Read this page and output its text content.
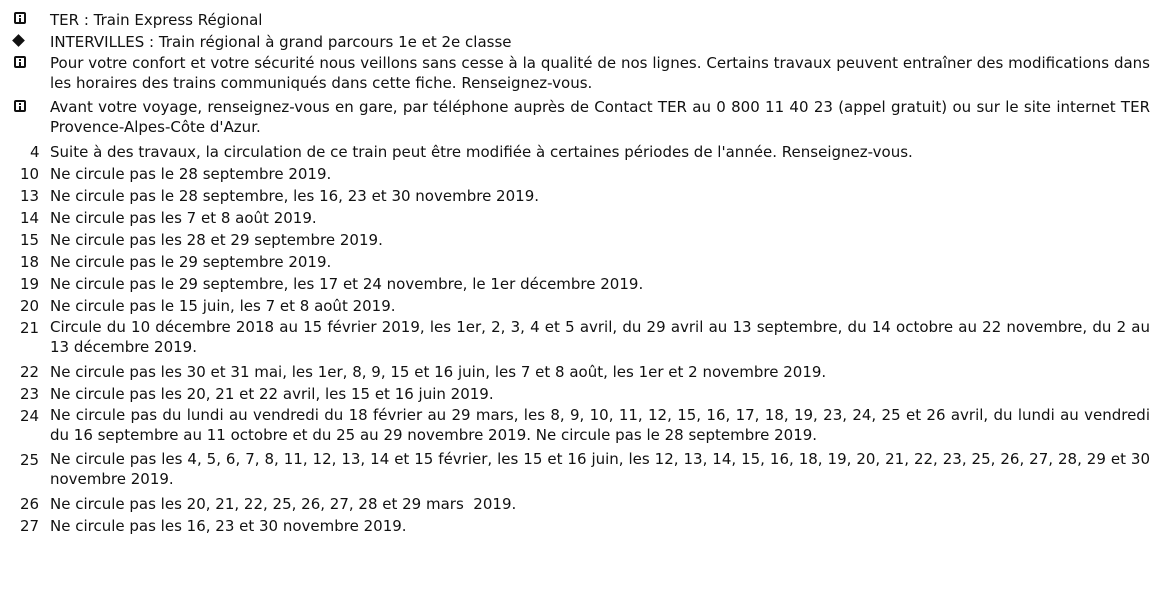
TER : Train Express Régional
INTERVILLES : Train régional à grand parcours 1e et 2e classe
Pour votre confort et votre sécurité nous veillons sans cesse à la qualité de nos lignes. Certains travaux peuvent entraîner des modifications dans les horaires des trains communiqués dans cette fiche. Renseignez-vous.
Avant votre voyage, renseignez-vous en gare, par téléphone auprès de Contact TER au 0 800 11 40 23 (appel gratuit) ou sur le site internet TER Provence-Alpes-Côte d'Azur.
4 Suite à des travaux, la circulation de ce train peut être modifiée à certaines périodes de l'année. Renseignez-vous.
10 Ne circule pas le 28 septembre 2019.
13 Ne circule pas le 28 septembre, les 16, 23 et 30 novembre 2019.
14 Ne circule pas les 7 et 8 août 2019.
15 Ne circule pas les 28 et 29 septembre 2019.
18 Ne circule pas le 29 septembre 2019.
19 Ne circule pas le 29 septembre, les 17 et 24 novembre, le 1er décembre 2019.
20 Ne circule pas le 15 juin, les 7 et 8 août 2019.
21 Circule du 10 décembre 2018 au 15 février 2019, les 1er, 2, 3, 4 et 5 avril, du 29 avril au 13 septembre, du 14 octobre au 22 novembre, du 2 au 13 décembre 2019.
22 Ne circule pas les 30 et 31 mai, les 1er, 8, 9, 15 et 16 juin, les 7 et 8 août, les 1er et 2 novembre 2019.
23 Ne circule pas les 20, 21 et 22 avril, les 15 et 16 juin 2019.
24 Ne circule pas du lundi au vendredi du 18 février au 29 mars, les 8, 9, 10, 11, 12, 15, 16, 17, 18, 19, 23, 24, 25 et 26 avril, du lundi au vendredi du 16 septembre au 11 octobre et du 25 au 29 novembre 2019. Ne circule pas le 28 septembre 2019.
25 Ne circule pas les 4, 5, 6, 7, 8, 11, 12, 13, 14 et 15 février, les 15 et 16 juin, les 12, 13, 14, 15, 16, 18, 19, 20, 21, 22, 23, 25, 26, 27, 28, 29 et 30 novembre 2019.
26 Ne circule pas les 20, 21, 22, 25, 26, 27, 28 et 29 mars  2019.
27 Ne circule pas les 16, 23 et 30 novembre 2019.
